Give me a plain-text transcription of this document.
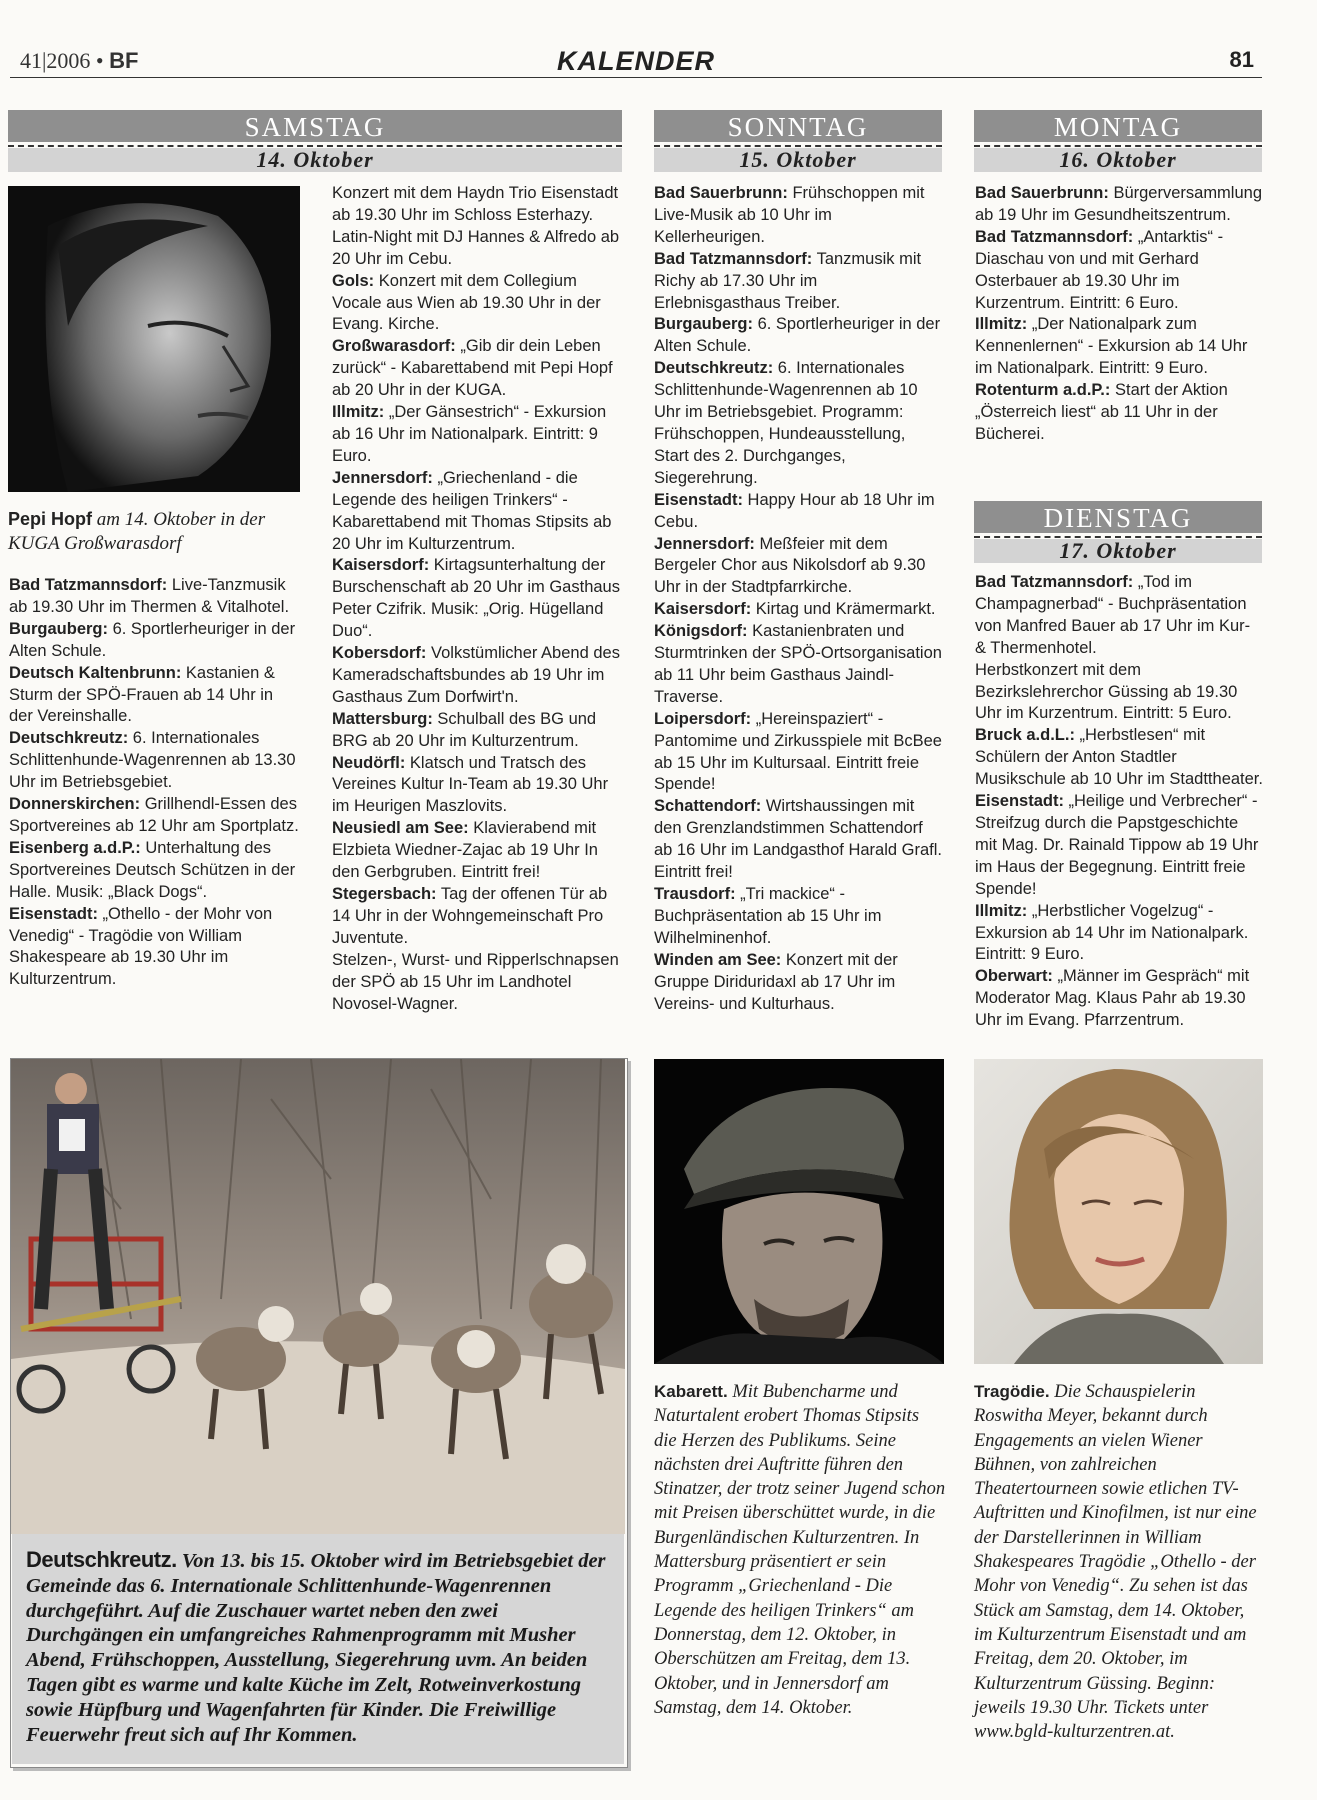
41|2006 • BF	KALENDER	81
SAMSTAG
14. Oktober
SONNTAG
15. Oktober
MONTAG
16. Oktober
DIENSTAG
17. Oktober
Pepi Hopf am 14. Oktober in der KUGA Großwarasdorf

Bad Tatzmannsdorf: Live-Tanzmusik ab 19.30 Uhr im Thermen & Vitalhotel.

Burgauberg: 6. Sportlerheuriger in der Alten Schule.

Deutsch Kaltenbrunn: Kastanien & Sturm der SPÖ-Frauen ab 14 Uhr in der Vereinshalle.

Deutschkreutz: 6. Internationales Schlittenhunde-Wagenrennen ab 13.30 Uhr im Betriebsgebiet.

Donnerskirchen: Grillhendl-Essen des Sportvereines ab 12 Uhr am Sportplatz.

Eisenberg a.d.P.: Unterhaltung des Sportvereines Deutsch Schützen in der Halle. Musik: „Black Dogs“.

Eisenstadt: „Othello - der Mohr von Venedig“ - Tragödie von William Shakespeare ab 19.30 Uhr im Kulturzentrum.

Konzert mit dem Haydn Trio Eisenstadt ab 19.30 Uhr im Schloss Esterhazy.

Latin-Night mit DJ Hannes & Alfredo ab 20 Uhr im Cebu.

Gols: Konzert mit dem Collegium Vocale aus Wien ab 19.30 Uhr in der Evang. Kirche.

Großwarasdorf: „Gib dir dein Leben zurück“ - Kabarettabend mit Pepi Hopf ab 20 Uhr in der KUGA.

Illmitz: „Der Gänsestrich“ - Exkursion ab 16 Uhr im Nationalpark. Eintritt: 9 Euro.

Jennersdorf: „Griechenland - die Legende des heiligen Trinkers“ - Kabarettabend mit Thomas Stipsits ab 20 Uhr im Kulturzentrum.

Kaisersdorf: Kirtagsunterhaltung der Burschenschaft ab 20 Uhr im Gasthaus Peter Czifrik. Musik: „Orig. Hügelland Duo“.

Kobersdorf: Volkstümlicher Abend des Kameradschaftsbundes ab 19 Uhr im Gasthaus Zum Dorfwirt'n.

Mattersburg: Schulball des BG und BRG ab 20 Uhr im Kulturzentrum.

Neudörfl: Klatsch und Tratsch des Vereines Kultur In-Team ab 19.30 Uhr im Heurigen Maszlovits.

Neusiedl am See: Klavierabend mit Elzbieta Wiedner-Zajac ab 19 Uhr In den Gerbgruben. Eintritt frei!

Stegersbach: Tag der offenen Tür ab 14 Uhr in der Wohngemeinschaft Pro Juventute.

Stelzen-, Wurst- und Ripperlschnapsen der SPÖ ab 15 Uhr im Landhotel Novosel-Wagner.

Bad Sauerbrunn: Frühschoppen mit Live-Musik ab 10 Uhr im Kellerheurigen.

Bad Tatzmannsdorf: Tanzmusik mit Richy ab 17.30 Uhr im Erlebnisgasthaus Treiber.

Burgauberg: 6. Sportlerheuriger in der Alten Schule.

Deutschkreutz: 6. Internationales Schlittenhunde-Wagenrennen ab 10 Uhr im Betriebsgebiet. Programm: Frühschoppen, Hundeausstellung, Start des 2. Durchganges, Siegerehrung.

Eisenstadt: Happy Hour ab 18 Uhr im Cebu.

Jennersdorf: Meßfeier mit dem Bergeler Chor aus Nikolsdorf ab 9.30 Uhr in der Stadtpfarrkirche.

Kaisersdorf: Kirtag und Krämermarkt.

Königsdorf: Kastanienbraten und Sturmtrinken der SPÖ-Ortsorganisation ab 11 Uhr beim Gasthaus Jaindl-Traverse.

Loipersdorf: „Hereinspaziert“ - Pantomime und Zirkusspiele mit BcBee ab 15 Uhr im Kultursaal. Eintritt freie Spende!

Schattendorf: Wirtshaussingen mit den Grenzlandstimmen Schattendorf ab 16 Uhr im Landgasthof Harald Grafl. Eintritt frei!

Trausdorf: „Tri mackice“ - Buchpräsentation ab 15 Uhr im Wilhelminenhof.

Winden am See: Konzert mit der Gruppe Diriduridaxl ab 17 Uhr im Vereins- und Kulturhaus.

Bad Sauerbrunn: Bürgerversammlung ab 19 Uhr im Gesundheitszentrum.

Bad Tatzmannsdorf: „Antarktis“ - Diaschau von und mit Gerhard Osterbauer ab 19.30 Uhr im Kurzentrum. Eintritt: 6 Euro.

Illmitz: „Der Nationalpark zum Kennenlernen“ - Exkursion ab 14 Uhr im Nationalpark. Eintritt: 9 Euro.

Rotenturm a.d.P.: Start der Aktion „Österreich liest“ ab 11 Uhr in der Bücherei.

Bad Tatzmannsdorf: „Tod im Champagnerbad“ - Buchpräsentation von Manfred Bauer ab 17 Uhr im Kur- & Thermenhotel.

Herbstkonzert mit dem Bezirkslehrerchor Güssing ab 19.30 Uhr im Kurzentrum. Eintritt: 5 Euro.

Bruck a.d.L.: „Herbstlesen“ mit Schülern der Anton Stadtler Musikschule ab 10 Uhr im Stadttheater.

Eisenstadt: „Heilige und Verbrecher“ - Streifzug durch die Papstgeschichte mit Mag. Dr. Rainald Tippow ab 19 Uhr im Haus der Begegnung. Eintritt freie Spende!

Illmitz: „Herbstlicher Vogelzug“ - Exkursion ab 14 Uhr im Nationalpark. Eintritt: 9 Euro.

Oberwart: „Männer im Gespräch“ mit Moderator Mag. Klaus Pahr ab 19.30 Uhr im Evang. Pfarrzentrum.

Deutschkreutz. Von 13. bis 15. Oktober wird im Betriebsgebiet der Gemeinde das 6. Internationale Schlittenhunde-Wagenrennen durchgeführt. Auf die Zuschauer wartet neben den zwei Durchgängen ein umfangreiches Rahmenprogramm mit Musher Abend, Frühschoppen, Ausstellung, Siegerehrung uvm. An beiden Tagen gibt es warme und kalte Küche im Zelt, Rotweinverkostung sowie Hüpfburg und Wagenfahrten für Kinder. Die Freiwillige Feuerwehr freut sich auf Ihr Kommen.
Kabarett. Mit Bubencharme und Naturtalent erobert Thomas Stipsits die Herzen des Publikums. Seine nächsten drei Auftritte führen den Stinatzer, der trotz seiner Jugend schon mit Preisen überschüttet wurde, in die Burgenländischen Kulturzentren. In Mattersburg präsentiert er sein Programm „Griechenland - Die Legende des heiligen Trinkers“ am Donnerstag, dem 12. Oktober, in Oberschützen am Freitag, dem 13. Oktober, und in Jennersdorf am Samstag, dem 14. Oktober.
Tragödie. Die Schauspielerin Roswitha Meyer, bekannt durch Engagements an vielen Wiener Bühnen, von zahlreichen Theatertourneen sowie etlichen TV-Auftritten und Kinofilmen, ist nur eine der Darstellerinnen in William Shakespeares Tragödie „Othello - der Mohr von Venedig“. Zu sehen ist das Stück am Samstag, dem 14. Oktober, im Kulturzentrum Eisenstadt und am Freitag, dem 20. Oktober, im Kulturzentrum Güssing. Beginn: jeweils 19.30 Uhr. Tickets unter www.bgld-kulturzentren.at.
